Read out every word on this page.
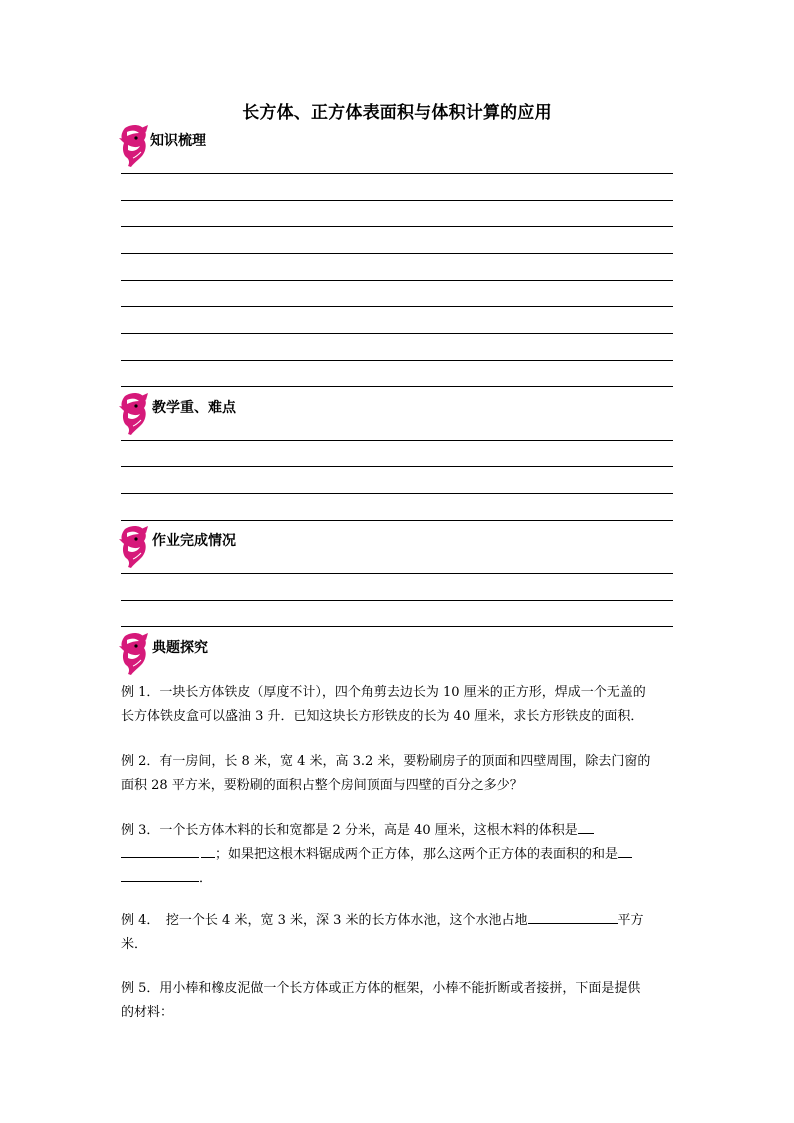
长方体、正方体表面积与体积计算的应用
知识梳理
教学重、难点
作业完成情况
典题探究
例 1．一块长方体铁皮（厚度不计），四个角剪去边长为 10 厘米的正方形，焊成一个无盖的
长方体铁皮盒可以盛油 3 升．已知这块长方形铁皮的长为 40 厘米，求长方形铁皮的面积．
例 2．有一房间，长 8 米，宽 4 米，高 3.2 米，要粉刷房子的顶面和四壁周围，除去门窗的
面积 28 平方米，要粉刷的面积占整个房间顶面与四壁的百分之多少？
例 3．一个长方体木料的长和宽都是 2 分米，高是 40 厘米，这根木料的体积是
；如果把这根木料锯成两个正方体，那么这两个正方体的表面积的和是
．
例 4．　挖一个长 4 米，宽 3 米，深 3 米的长方体水池，这个水池占地	平方
米．
例 5．用小棒和橡皮泥做一个长方体或正方体的框架，小棒不能折断或者接拼，下面是提供
的材料：
